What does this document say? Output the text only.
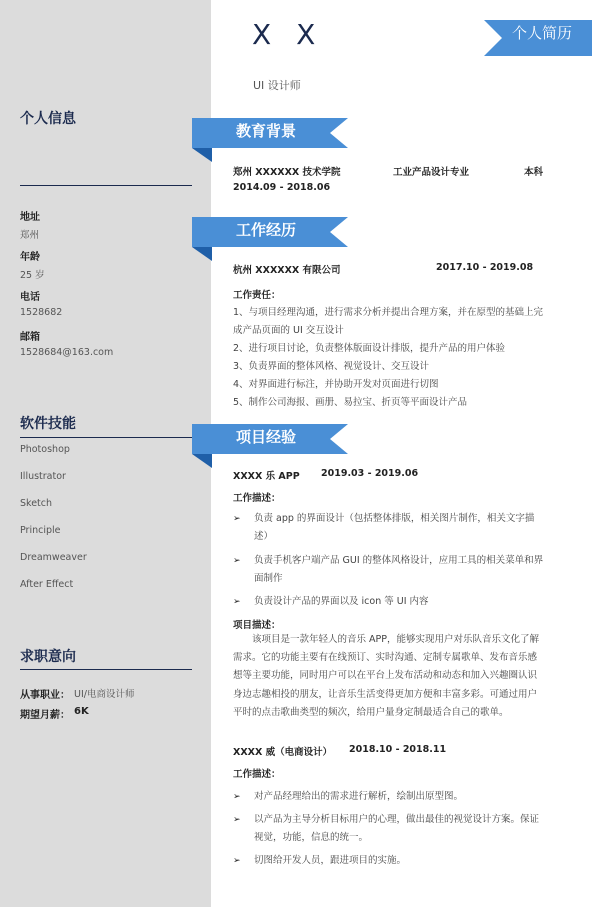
个人信息
地址
郑州
年龄
25 岁
电话
1528682
邮箱
1528684@163.com
软件技能
Photoshop
Illustrator
Sketch
Principle
Dreamweaver
After Effect
求职意向
从事职业： UI/电商设计师
期望月薪： 6K
X X
UI 设计师
个人简历
教育背景
郑州 XXXXXX 技术学院	工业产品设计专业	本科
2014.09 - 2018.06
工作经历
杭州 XXXXXX 有限公司	2017.10 - 2019.08
工作责任：
1、与项目经理沟通，进行需求分析并提出合理方案，并在原型的基础上完成产品页面的 UI 交互设计
2、进行项目讨论，负责整体版面设计排版，提升产品的用户体验
3、负责界面的整体风格、视觉设计、交互设计
4、对界面进行标注，并协助开发对页面进行切图
5、制作公司海报、画册、易拉宝、折页等平面设计产品
项目经验
XXXX 乐 APP 2019.03 - 2019.06
工作描述：
➢ 负责 app 的界面设计（包括整体排版，相关图片制作，相关文字描述）
➢ 负责手机客户端产品 GUI 的整体风格设计，应用工具的相关菜单和界面制作
➢ 负责设计产品的界面以及 icon 等 UI 内容
项目描述：
该项目是一款年轻人的音乐 APP，能够实现用户对乐队音乐文化了解需求。它的功能主要有在线预订、实时沟通、定制专属歌单、发布音乐感想等主要功能，同时用户可以在平台上发布活动和动态和加入兴趣圈认识身边志趣相投的朋友，让音乐生活变得更加方便和丰富多彩。可通过用户平时的点击歌曲类型的频次，给用户量身定制最适合自己的歌单。
XXXX 威（电商设计） 2018.10 - 2018.11
工作描述：
➢ 对产品经理给出的需求进行解析，绘制出原型图。
➢ 以产品为主导分析目标用户的心理，做出最佳的视觉设计方案。保证视觉，功能，信息的统一。
➢ 切图给开发人员，跟进项目的实施。
